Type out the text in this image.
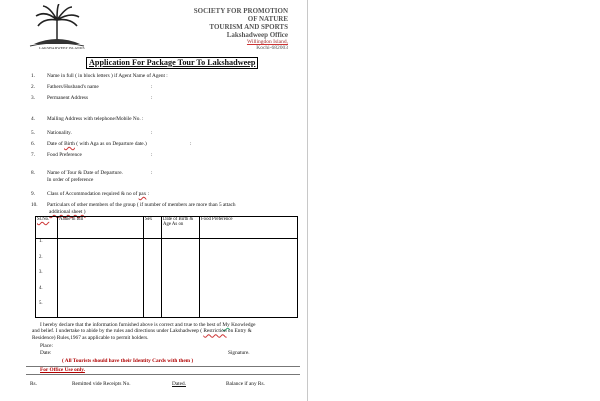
LAKSHADWEEP ISLANDS
SOCIETY FOR PROMOTION
OF NATURE
TOURISM AND SPORTS
Lakshadweep Office
Willingdon Island,
Kochi-682003
Application For Package Tour To Lakshadweep
1.	Name in full ( in block letters ) if Agent Name of Agent :
2.	Fathers/Husband's name	:
3.	Permanent Address	:
4.	Mailing Address with telephone/Mobile No. :
5.	Nationality.	:
6.	Date of Birth ( with Aga as on Departure date.)	:
7.	Food Preference	:
8.	Name of Tour & Date of Departure.
In order of preference
:
9.	Class of Accommodation required & no of pax :
10.	Particulars of other members of the group ( if number of members are more than 5 attach
additional sheet )
Sl.No.	Name in full	Sex	Date of Birth & Age As on	Food Preference

1.
2.
3.
4.
5.				

I hereby declare that the information furnished above is correct and true to the best of My Knowledge
and belief. I undertake to abide by the rules and directions under Lakshadweep ( Restriction on Entry &
Residence) Rules,1967 as applicable to permit holders.
Place:
Date:	Signature.
( All Tourists should have their Identity Cards with them )
For Office Use only.
Rs.	Remitted vide Receipts No.	Dated.	Balance if any Rs.
